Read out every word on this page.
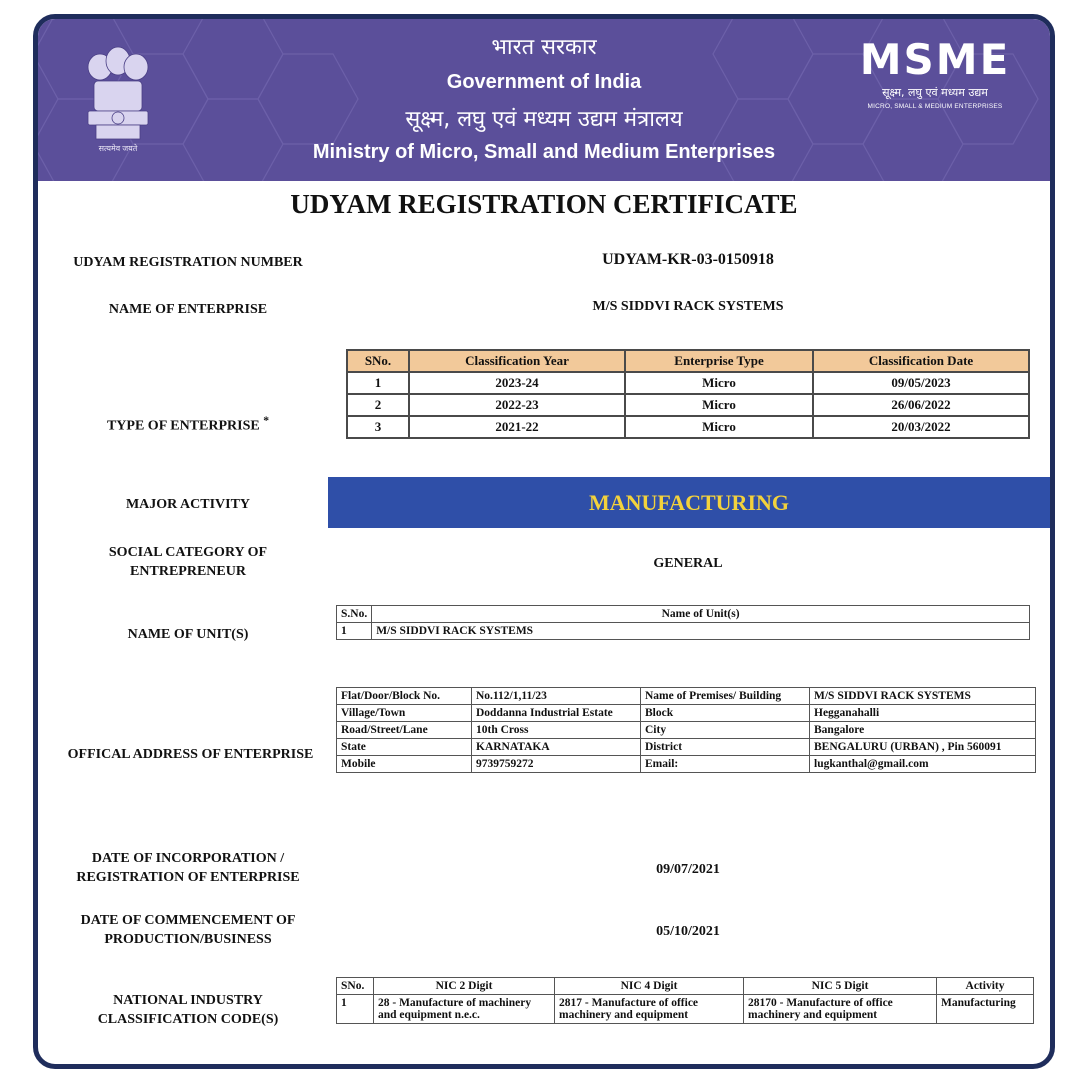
सत्यमेव जयते
भारत सरकार
Government of India
सूक्ष्म, लघु एवं मध्यम उद्यम मंत्रालय
Ministry of Micro, Small and Medium Enterprises
MSME
सूक्ष्म, लघु एवं मध्यम उद्यम
MICRO, SMALL & MEDIUM ENTERPRISES
UDYAM REGISTRATION CERTIFICATE
UDYAM REGISTRATION NUMBER	UDYAM-KR-03-0150918
NAME OF ENTERPRISE	M/S SIDDVI RACK SYSTEMS
TYPE OF ENTERPRISE *
SNo.	Classification Year	Enterprise Type	Classification Date
1	2023-24	Micro	09/05/2023
2	2022-23	Micro	26/06/2022
3	2021-22	Micro	20/03/2022
MAJOR ACTIVITY	MANUFACTURING
SOCIAL CATEGORY OF
ENTREPRENEUR
GENERAL
NAME OF UNIT(S)
S.No.	Name of Unit(s)
1	M/S SIDDVI RACK SYSTEMS
OFFICAL ADDRESS OF ENTERPRISE
Flat/Door/Block No.	No.112/1,11/23	Name of Premises/ Building	M/S SIDDVI RACK SYSTEMS
Village/Town	Doddanna Industrial Estate	Block	Hegganahalli
Road/Street/Lane	10th Cross	City	Bangalore
State	KARNATAKA	District	BENGALURU (URBAN) , Pin 560091
Mobile	9739759272	Email:	lugkanthal@gmail.com
DATE OF INCORPORATION /
REGISTRATION OF ENTERPRISE
09/07/2021
DATE OF COMMENCEMENT OF
PRODUCTION/BUSINESS
05/10/2021
NATIONAL INDUSTRY
CLASSIFICATION CODE(S)
SNo.	NIC 2 Digit	NIC 4 Digit	NIC 5 Digit	Activity
1	28 - Manufacture of machinery and equipment n.e.c.	2817 - Manufacture of office machinery and equipment	28170 - Manufacture of office machinery and equipment	Manufacturing
